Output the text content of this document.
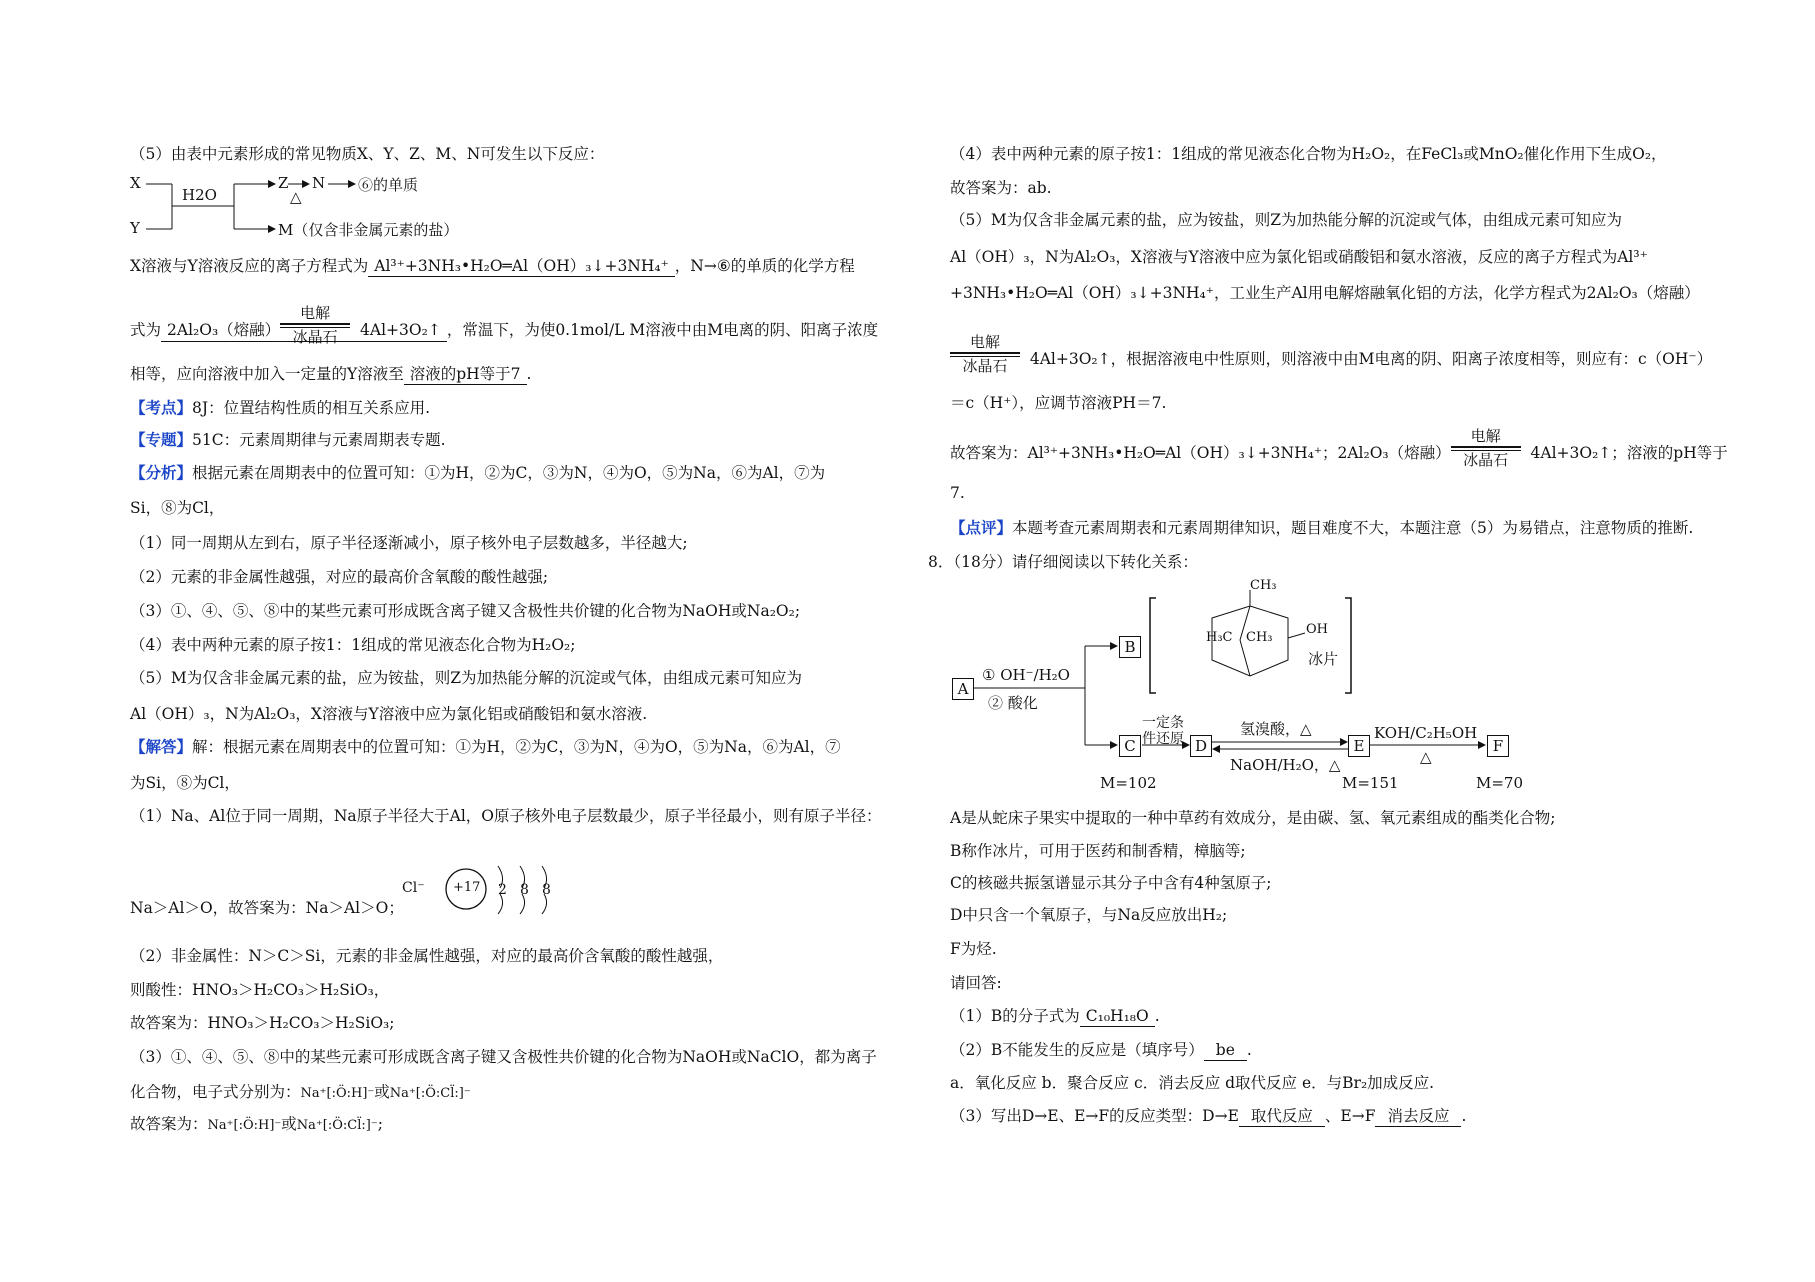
（5）由表中元素形成的常见物质X、Y、Z、M、N可发生以下反应：
X
Y
H2O
Z
△
N ⑥的单质
M（仅含非金属元素的盐）
X溶液与Y溶液反应的离子方程式为 Al³⁺+3NH₃•H₂O═Al（OH）₃↓+3NH₄⁺ ，N→⑥的单质的化学方程
式为 2Al₂O₃（熔融）
电解
冰晶石	4Al+3O₂↑ ，常温下，为使0.1mol/L M溶液中由M电离的阴、阳离子浓度
相等，应向溶液中加入一定量的Y溶液至 溶液的pH等于7 .
【考点】8J：位置结构性质的相互关系应用.
【专题】51C：元素周期律与元素周期表专题.
【分析】根据元素在周期表中的位置可知：①为H，②为C，③为N，④为O，⑤为Na，⑥为Al，⑦为
Si，⑧为Cl，
（1）同一周期从左到右，原子半径逐渐减小，原子核外电子层数越多，半径越大;
（2）元素的非金属性越强，对应的最高价含氧酸的酸性越强;
（3）①、④、⑤、⑧中的某些元素可形成既含离子键又含极性共价键的化合物为NaOH或Na₂O₂;
（4）表中两种元素的原子按1：1组成的常见液态化合物为H₂O₂;
（5）M为仅含非金属元素的盐，应为铵盐，则Z为加热能分解的沉淀或气体，由组成元素可知应为
Al（OH）₃，N为Al₂O₃，X溶液与Y溶液中应为氯化铝或硝酸铝和氨水溶液.
【解答】解：根据元素在周期表中的位置可知：①为H，②为C，③为N，④为O，⑤为Na，⑥为Al，⑦
为Si，⑧为Cl，
（1）Na、Al位于同一周期，Na原子半径大于Al，O原子核外电子层数最少，原子半径最小，则有原子半径：
Na＞Al＞O，故答案为：Na＞Al＞O；
Cl⁻ +17 2 8 8
（2）非金属性：N＞C＞Si，元素的非金属性越强，对应的最高价含氧酸的酸性越强，
则酸性：HNO₃＞H₂CO₃＞H₂SiO₃，
故答案为：HNO₃＞H₂CO₃＞H₂SiO₃;
（3）①、④、⑤、⑧中的某些元素可形成既含离子键又含极性共价键的化合物为NaOH或NaClO，都为离子
化合物，电子式分别为：Na⁺[:Ö:H]⁻或Na⁺[:Ö:Cl̈:]⁻
故答案为：Na⁺[:Ö:H]⁻或Na⁺[:Ö:Cl̈:]⁻;
（4）表中两种元素的原子按1：1组成的常见液态化合物为H₂O₂，在FeCl₃或MnO₂催化作用下生成O₂，
故答案为：ab.
（5）M为仅含非金属元素的盐，应为铵盐，则Z为加热能分解的沉淀或气体，由组成元素可知应为
Al（OH）₃，N为Al₂O₃，X溶液与Y溶液中应为氯化铝或硝酸铝和氨水溶液，反应的离子方程式为Al³⁺
+3NH₃•H₂O═Al（OH）₃↓+3NH₄⁺，工业生产Al用电解熔融氧化铝的方法，化学方程式为2Al₂O₃（熔融）
电解
冰晶石	4Al+3O₂↑，根据溶液电中性原则，则溶液中由M电离的阴、阳离子浓度相等，则应有：c（OH⁻）
＝c（H⁺），应调节溶液PH＝7.
故答案为：Al³⁺+3NH₃•H₂O═Al（OH）₃↓+3NH₄⁺；2Al₂O₃（熔融）
电解
冰晶石	4Al+3O₂↑；溶液的pH等于
7.
【点评】本题考查元素周期表和元素周期律知识，题目难度不大，本题注意（5）为易错点，注意物质的推断.
8．（18分）请仔细阅读以下转化关系：
A
B
C	D	E	F
① OH⁻/H₂O
② 酸化
CH₃
H₃C CH₃
OH
冰片
一定条
件还原
氢溴酸，△
NaOH/H₂O，△
KOH/C₂H₅OH
△
M=102	M=151	M=70
A是从蛇床子果实中提取的一种中草药有效成分，是由碳、氢、氧元素组成的酯类化合物;
B称作冰片，可用于医药和制香精，樟脑等;
C的核磁共振氢谱显示其分子中含有4种氢原子;
D中只含一个氧原子，与Na反应放出H₂;
F为烃.
请回答:
（1）B的分子式为 C₁₀H₁₈O .
（2）B不能发生的反应是（填序号） be .
a．氧化反应 b．聚合反应 c．消去反应 d取代反应 e．与Br₂加成反应.
（3）写出D→E、E→F的反应类型：D→E 取代反应 、E→F 消去反应 .
